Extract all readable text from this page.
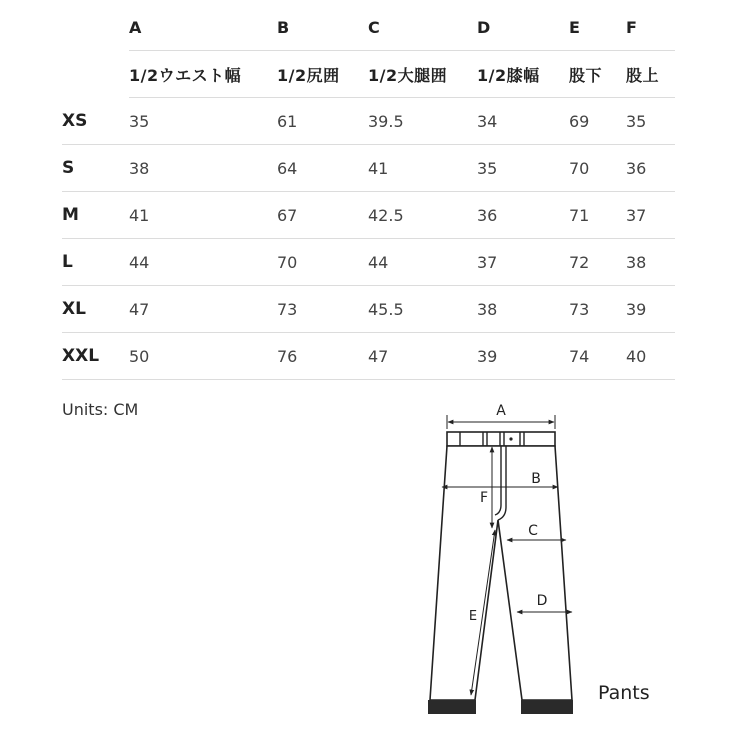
	A	B	C	D	E	F
	1/2ウエスト幅	1/2尻囲	1/2大腿囲	1/2膝幅	股下	股上
XS	35	61	39.5	34	69	35
S	38	64	41	35	70	36
M	41	67	42.5	36	71	37
L	44	70	44	37	72	38
XL	47	73	45.5	38	73	39
XXL	50	76	47	39	74	40
Units: CM	A
B
C
D
F
E
Pants
